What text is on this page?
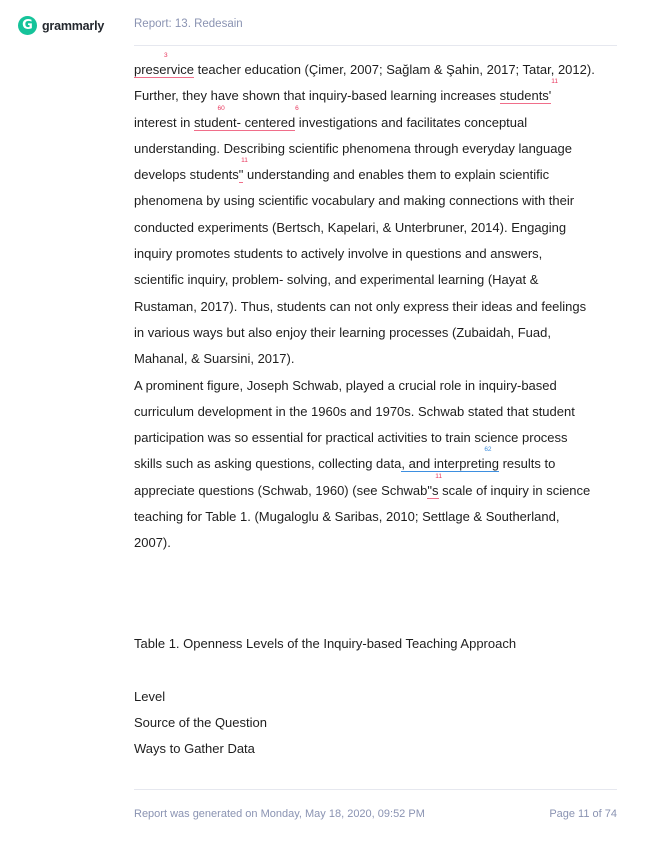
G grammarly	Report: 13. Redesain
3
preservice teacher education (Çimer, 2007; Sağlam & Şahin, 2017; Tatar, 2012).
Further, they have shown that inquiry-based learning increases
11
students'
interest in
60
student-
6
centered investigations and facilitates conceptual
understanding. Describing scientific phenomena through everyday language
develops students
11
" understanding and enables them to explain scientific
phenomena by using scientific vocabulary and making connections with their
conducted experiments (Bertsch, Kapelari, & Unterbruner, 2014). Engaging
inquiry promotes students to actively involve in questions and answers,
scientific inquiry, problem- solving, and experimental learning (Hayat &
Rustaman, 2017). Thus, students can not only express their ideas and feelings
in various ways but also enjoy their learning processes (Zubaidah, Fuad,
Mahanal, & Suarsini, 2017).
A prominent figure, Joseph Schwab, played a crucial role in inquiry-based
curriculum development in the 1960s and 1970s. Schwab stated that student
participation was so essential for practical activities to train science process
skills such as asking questions, collecting data
62
, and interpreting results to
appreciate questions (Schwab, 1960) (see Schwab
11
"s scale of inquiry in science
teaching for Table 1. (Mugaloglu & Saribas, 2010; Settlage & Southerland,
2007).
Table 1. Openness Levels of the Inquiry-based Teaching Approach
Level
Source of the Question
Ways to Gather Data
Report was generated on Monday, May 18, 2020, 09:52 PM	Page 11 of 74
